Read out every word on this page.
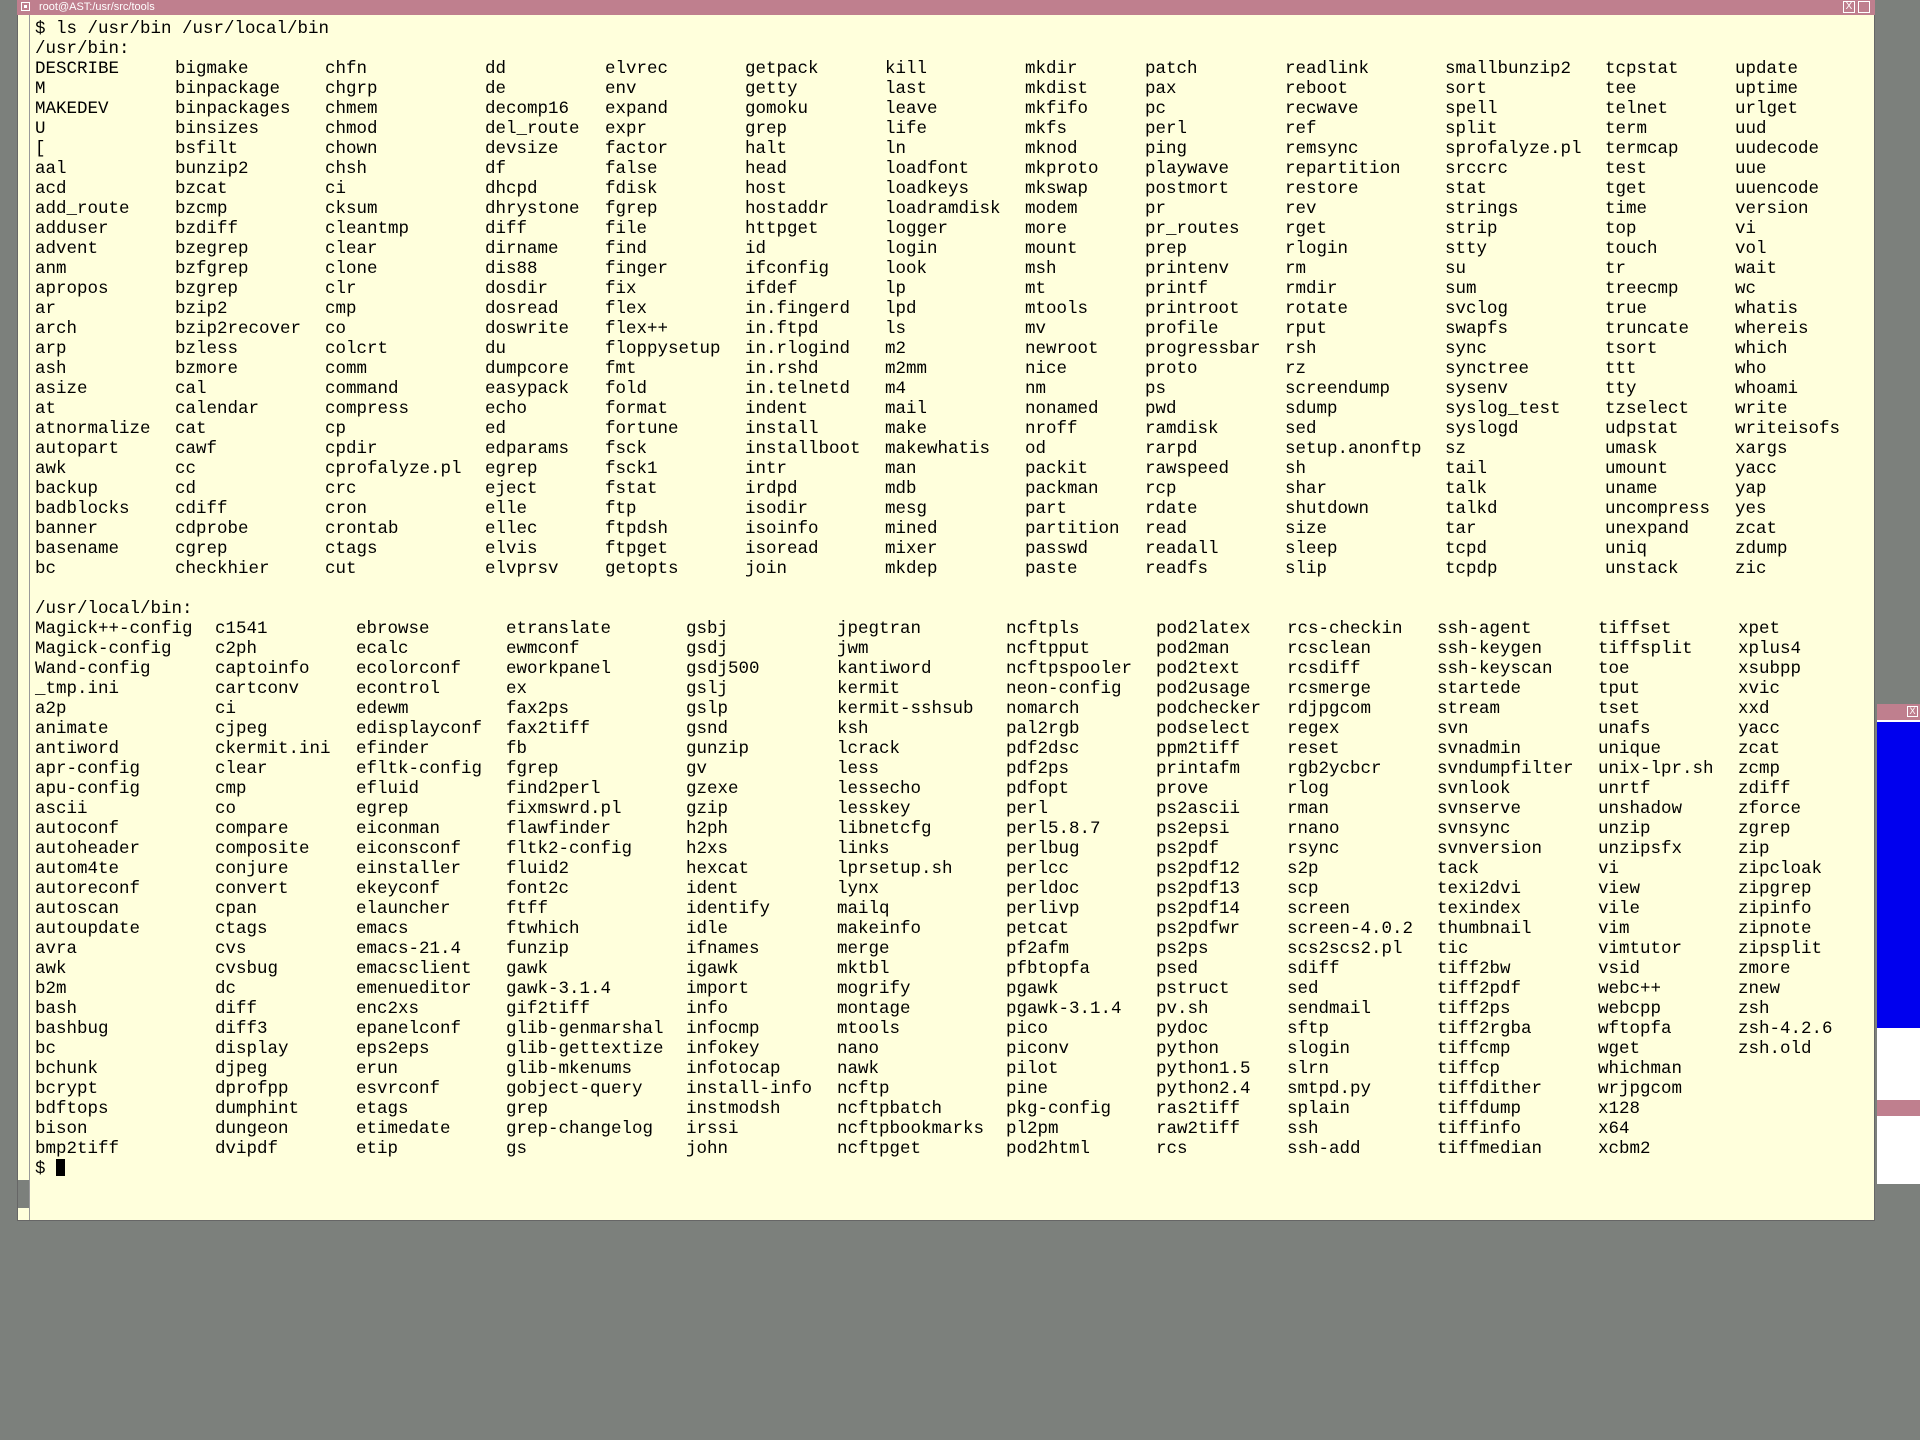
root@AST:/usr/src/tools	X
$ ls /usr/bin /usr/local/bin
/usr/bin:
DESCRIBE
M
MAKEDEV
U
[
aal
acd
add_route
adduser
advent
anm
apropos
ar
arch
arp
ash
asize
at
atnormalize
autopart
awk
backup
badblocks
banner
basename
bc
bigmake
binpackage
binpackages
binsizes
bsfilt
bunzip2
bzcat
bzcmp
bzdiff
bzegrep
bzfgrep
bzgrep
bzip2
bzip2recover
bzless
bzmore
cal
calendar
cat
cawf
cc
cd
cdiff
cdprobe
cgrep
checkhier
chfn
chgrp
chmem
chmod
chown
chsh
ci
cksum
cleantmp
clear
clone
clr
cmp
co
colcrt
comm
command
compress
cp
cpdir
cprofalyze.pl
crc
cron
crontab
ctags
cut
dd
de
decomp16
del_route
devsize
df
dhcpd
dhrystone
diff
dirname
dis88
dosdir
dosread
doswrite
du
dumpcore
easypack
echo
ed
edparams
egrep
eject
elle
ellec
elvis
elvprsv
elvrec
env
expand
expr
factor
false
fdisk
fgrep
file
find
finger
fix
flex
flex++
floppysetup
fmt
fold
format
fortune
fsck
fsck1
fstat
ftp
ftpdsh
ftpget
getopts
getpack
getty
gomoku
grep
halt
head
host
hostaddr
httpget
id
ifconfig
ifdef
in.fingerd
in.ftpd
in.rlogind
in.rshd
in.telnetd
indent
install
installboot
intr
irdpd
isodir
isoinfo
isoread
join
kill
last
leave
life
ln
loadfont
loadkeys
loadramdisk
logger
login
look
lp
lpd
ls
m2
m2mm
m4
mail
make
makewhatis
man
mdb
mesg
mined
mixer
mkdep
mkdir
mkdist
mkfifo
mkfs
mknod
mkproto
mkswap
modem
more
mount
msh
mt
mtools
mv
newroot
nice
nm
nonamed
nroff
od
packit
packman
part
partition
passwd
paste
patch
pax
pc
perl
ping
playwave
postmort
pr
pr_routes
prep
printenv
printf
printroot
profile
progressbar
proto
ps
pwd
ramdisk
rarpd
rawspeed
rcp
rdate
read
readall
readfs
readlink
reboot
recwave
ref
remsync
repartition
restore
rev
rget
rlogin
rm
rmdir
rotate
rput
rsh
rz
screendump
sdump
sed
setup.anonftp
sh
shar
shutdown
size
sleep
slip
smallbunzip2
sort
spell
split
sprofalyze.pl
srccrc
stat
strings
strip
stty
su
sum
svclog
swapfs
sync
synctree
sysenv
syslog_test
syslogd
sz
tail
talk
talkd
tar
tcpd
tcpdp
tcpstat
tee
telnet
term
termcap
test
tget
time
top
touch
tr
treecmp
true
truncate
tsort
ttt
tty
tzselect
udpstat
umask
umount
uname
uncompress
unexpand
uniq
unstack
update
uptime
urlget
uud
uudecode
uue
uuencode
version
vi
vol
wait
wc
whatis
whereis
which
who
whoami
write
writeisofs
xargs
yacc
yap
yes
zcat
zdump
zic
/usr/local/bin:
Magick++-config
Magick-config
Wand-config
_tmp.ini
a2p
animate
antiword
apr-config
apu-config
ascii
autoconf
autoheader
autom4te
autoreconf
autoscan
autoupdate
avra
awk
b2m
bash
bashbug
bc
bchunk
bcrypt
bdftops
bison
bmp2tiff
c1541
c2ph
captoinfo
cartconv
ci
cjpeg
ckermit.ini
clear
cmp
co
compare
composite
conjure
convert
cpan
ctags
cvs
cvsbug
dc
diff
diff3
display
djpeg
dprofpp
dumphint
dungeon
dvipdf
ebrowse
ecalc
ecolorconf
econtrol
edewm
edisplayconf
efinder
efltk-config
efluid
egrep
eiconman
eiconsconf
einstaller
ekeyconf
elauncher
emacs
emacs-21.4
emacsclient
emenueditor
enc2xs
epanelconf
eps2eps
erun
esvrconf
etags
etimedate
etip
etranslate
ewmconf
eworkpanel
ex
fax2ps
fax2tiff
fb
fgrep
find2perl
fixmswrd.pl
flawfinder
fltk2-config
fluid2
font2c
ftff
ftwhich
funzip
gawk
gawk-3.1.4
gif2tiff
glib-genmarshal
glib-gettextize
glib-mkenums
gobject-query
grep
grep-changelog
gs
gsbj
gsdj
gsdj500
gslj
gslp
gsnd
gunzip
gv
gzexe
gzip
h2ph
h2xs
hexcat
ident
identify
idle
ifnames
igawk
import
info
infocmp
infokey
infotocap
install-info
instmodsh
irssi
john
jpegtran
jwm
kantiword
kermit
kermit-sshsub
ksh
lcrack
less
lessecho
lesskey
libnetcfg
links
lprsetup.sh
lynx
mailq
makeinfo
merge
mktbl
mogrify
montage
mtools
nano
nawk
ncftp
ncftpbatch
ncftpbookmarks
ncftpget
ncftpls
ncftpput
ncftpspooler
neon-config
nomarch
pal2rgb
pdf2dsc
pdf2ps
pdfopt
perl
perl5.8.7
perlbug
perlcc
perldoc
perlivp
petcat
pf2afm
pfbtopfa
pgawk
pgawk-3.1.4
pico
piconv
pilot
pine
pkg-config
pl2pm
pod2html
pod2latex
pod2man
pod2text
pod2usage
podchecker
podselect
ppm2tiff
printafm
prove
ps2ascii
ps2epsi
ps2pdf
ps2pdf12
ps2pdf13
ps2pdf14
ps2pdfwr
ps2ps
psed
pstruct
pv.sh
pydoc
python
python1.5
python2.4
ras2tiff
raw2tiff
rcs
rcs-checkin
rcsclean
rcsdiff
rcsmerge
rdjpgcom
regex
reset
rgb2ycbcr
rlog
rman
rnano
rsync
s2p
scp
screen
screen-4.0.2
scs2scs2.pl
sdiff
sed
sendmail
sftp
slogin
slrn
smtpd.py
splain
ssh
ssh-add
ssh-agent
ssh-keygen
ssh-keyscan
startede
stream
svn
svnadmin
svndumpfilter
svnlook
svnserve
svnsync
svnversion
tack
texi2dvi
texindex
thumbnail
tic
tiff2bw
tiff2pdf
tiff2ps
tiff2rgba
tiffcmp
tiffcp
tiffdither
tiffdump
tiffinfo
tiffmedian
tiffset
tiffsplit
toe
tput
tset
unafs
unique
unix-lpr.sh
unrtf
unshadow
unzip
unzipsfx
vi
view
vile
vim
vimtutor
vsid
webc++
webcpp
wftopfa
wget
whichman
wrjpgcom
x128
x64
xcbm2
xpet
xplus4
xsubpp
xvic
xxd
yacc
zcat
zcmp
zdiff
zforce
zgrep
zip
zipcloak
zipgrep
zipinfo
zipnote
zipsplit
zmore
znew
zsh
zsh-4.2.6
zsh.old
$
X
